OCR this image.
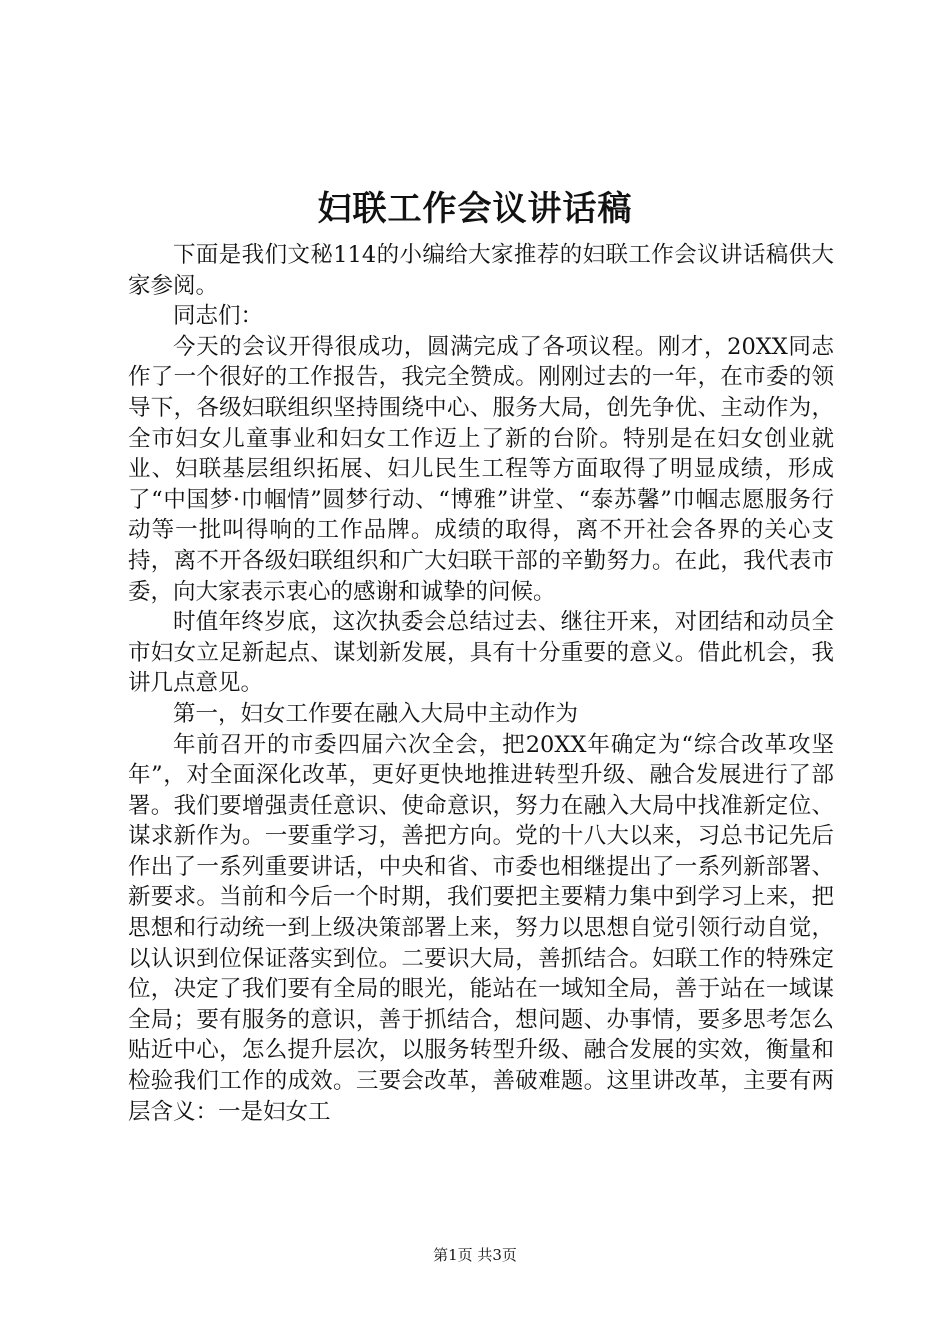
妇联工作会议讲话稿

下面是我们文秘114的小编给大家推荐的妇联工作会议讲话稿供大家参阅。

同志们：

今天的会议开得很成功，圆满完成了各项议程。刚才，20XX同志作了一个很好的工作报告，我完全赞成。刚刚过去的一年，在市委的领导下，各级妇联组织坚持围绕中心、服务大局，创先争优、主动作为，全市妇女儿童事业和妇女工作迈上了新的台阶。特别是在妇女创业就业、妇联基层组织拓展、妇儿民生工程等方面取得了明显成绩，形成了“中国梦·巾帼情”圆梦行动、“博雅”讲堂、“泰苏馨”巾帼志愿服务行动等一批叫得响的工作品牌。成绩的取得，离不开社会各界的关心支持，离不开各级妇联组织和广大妇联干部的辛勤努力。在此，我代表市委，向大家表示衷心的感谢和诚挚的问候。

时值年终岁底，这次执委会总结过去、继往开来，对团结和动员全市妇女立足新起点、谋划新发展，具有十分重要的意义。借此机会，我讲几点意见。

第一，妇女工作要在融入大局中主动作为

年前召开的市委四届六次全会，把20XX年确定为“综合改革攻坚年”，对全面深化改革，更好更快地推进转型升级、融合发展进行了部署。我们要增强责任意识、使命意识，努力在融入大局中找准新定位、谋求新作为。一要重学习，善把方向。党的十八大以来，习总书记先后作出了一系列重要讲话，中央和省、市委也相继提出了一系列新部署、新要求。当前和今后一个时期，我们要把主要精力集中到学习上来，把思想和行动统一到上级决策部署上来，努力以思想自觉引领行动自觉，以认识到位保证落实到位。二要识大局，善抓结合。妇联工作的特殊定位，决定了我们要有全局的眼光，能站在一域知全局，善于站在一域谋全局；要有服务的意识，善于抓结合，想问题、办事情，要多思考怎么贴近中心，怎么提升层次，以服务转型升级、融合发展的实效，衡量和检验我们工作的成效。三要会改革，善破难题。这里讲改革，主要有两层含义：一是妇女工

第1页 共3页
